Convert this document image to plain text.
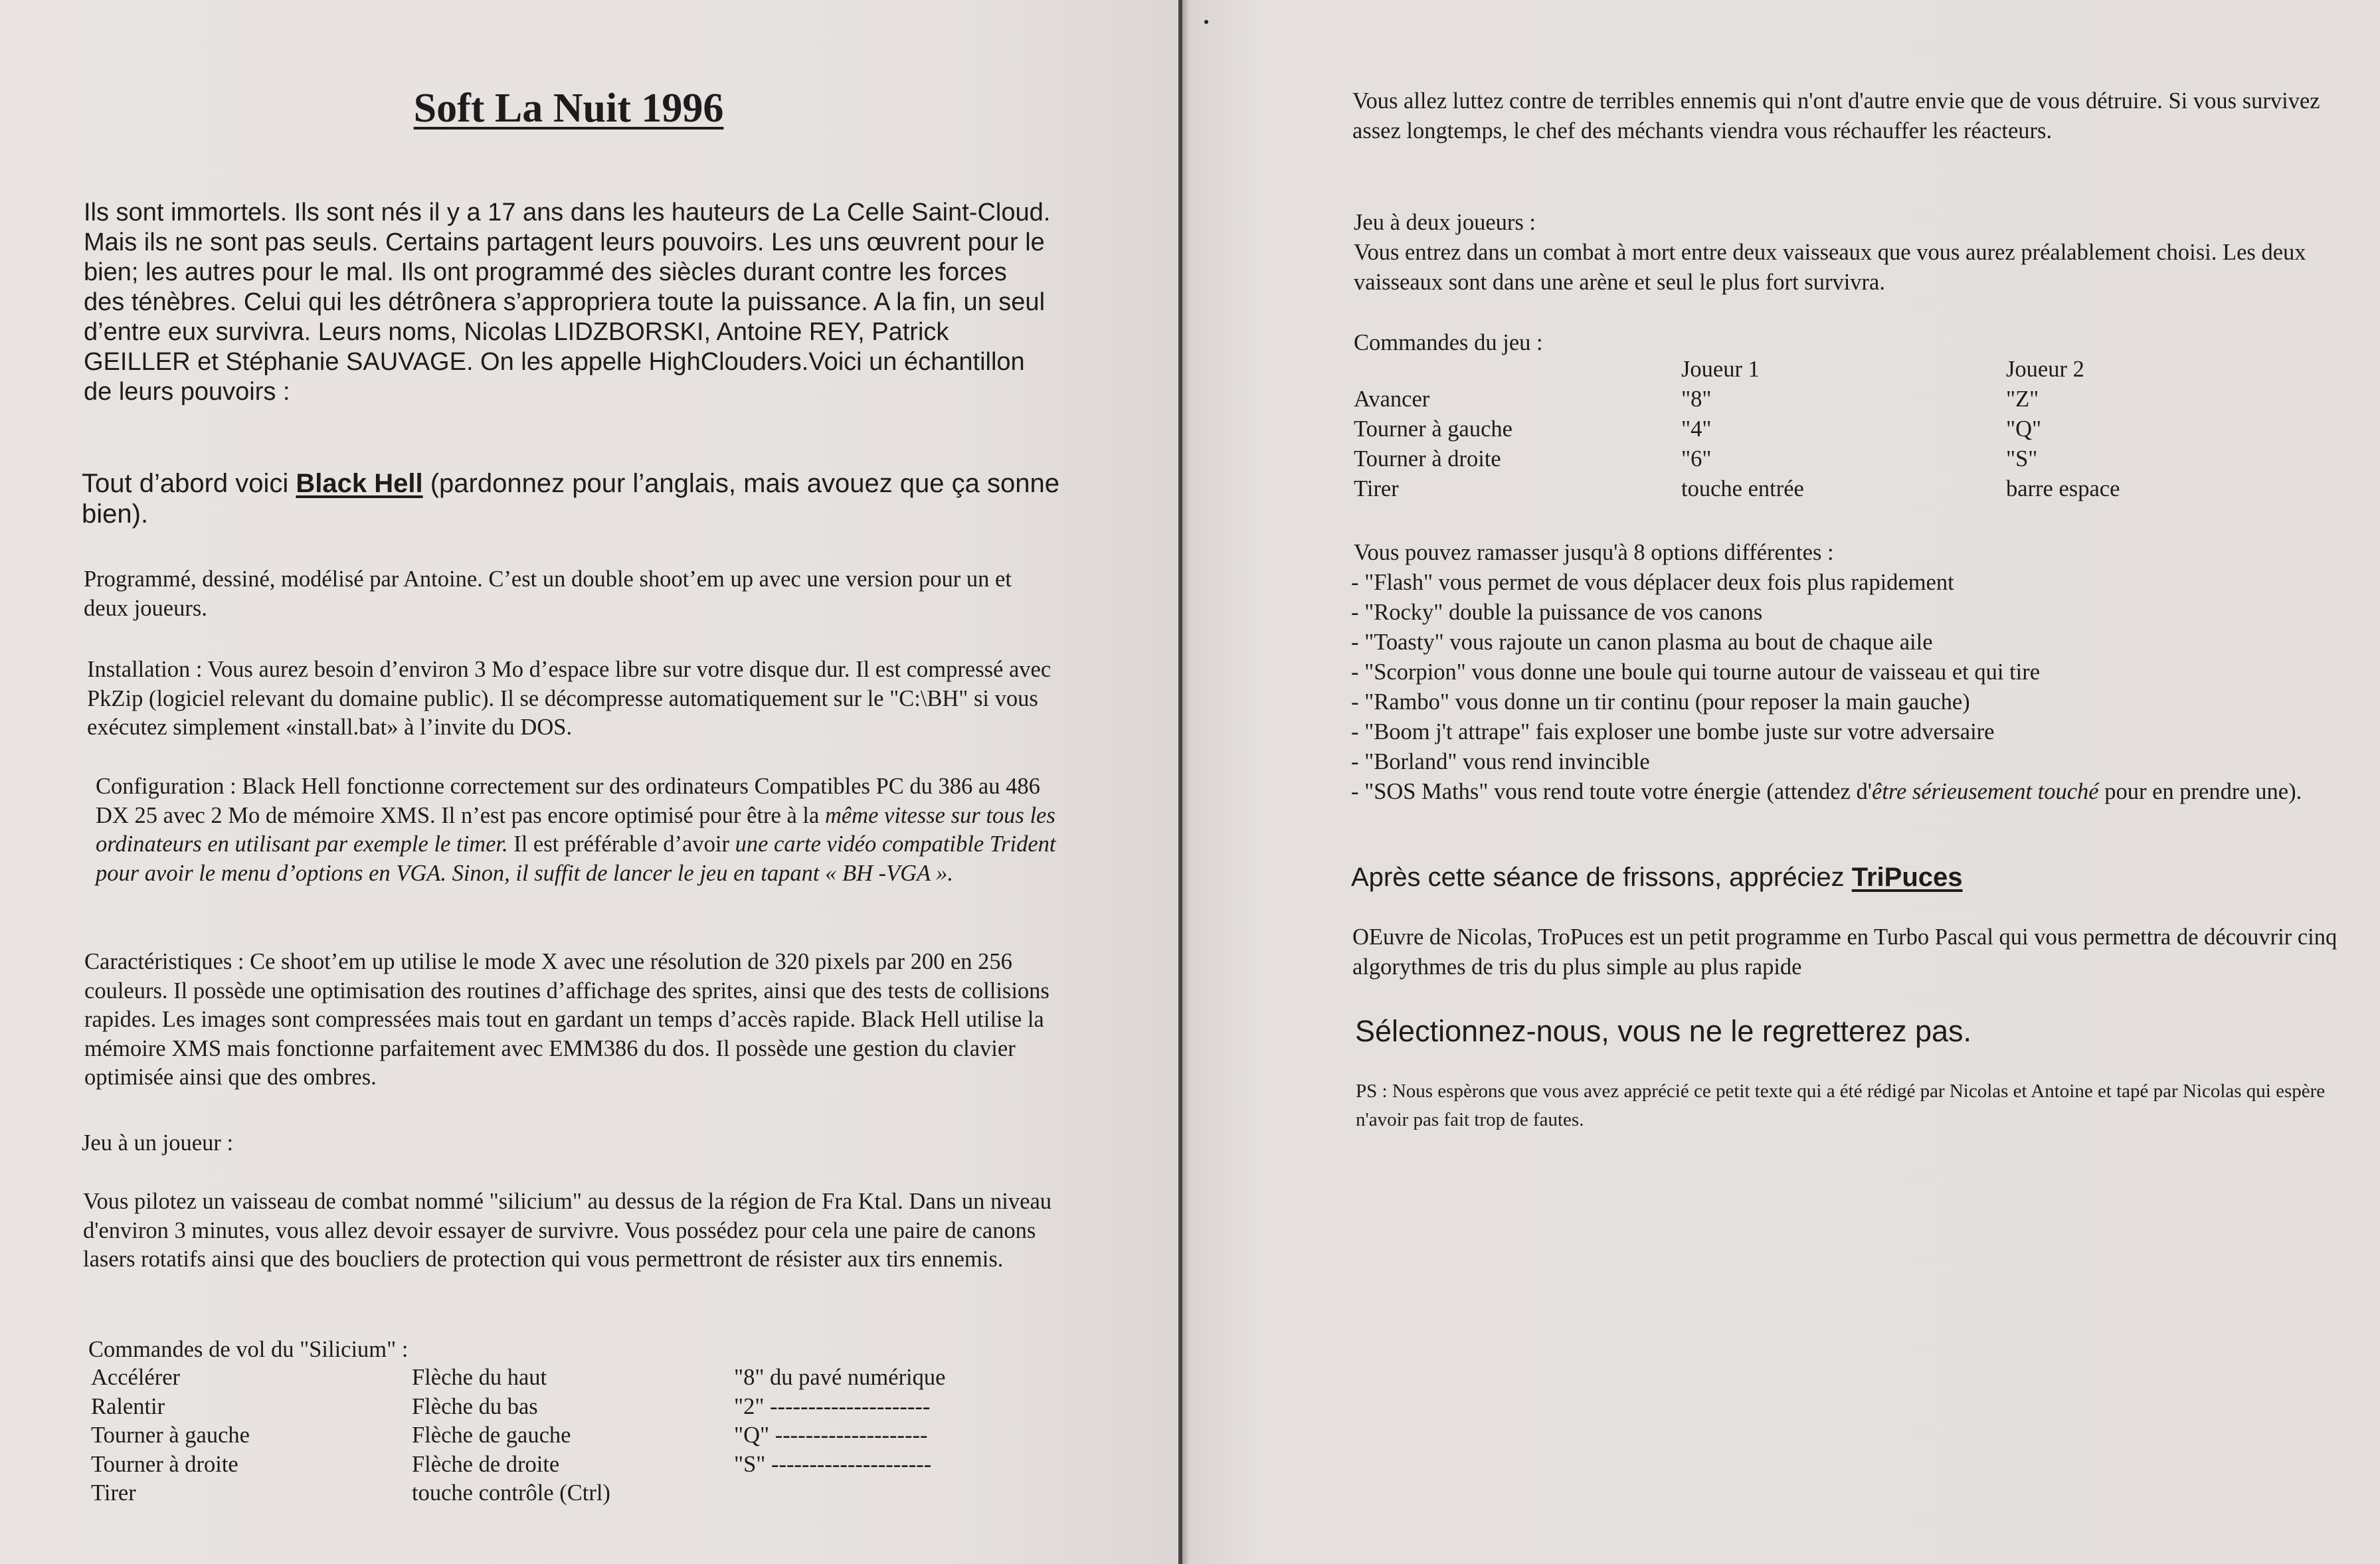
Soft La Nuit 1996

Ils sont immortels. Ils sont nés il y a 17 ans dans les hauteurs de La Celle Saint-Cloud. Mais ils ne sont pas seuls. Certains partagent leurs pouvoirs. Les uns œuvrent pour le bien; les autres pour le mal. Ils ont programmé des siècles durant contre les forces des ténèbres. Celui qui les détrônera s’appropriera toute la puissance. A la fin, un seul d’entre eux survivra. Leurs noms, Nicolas LIDZBORSKI, Antoine REY, Patrick GEILLER et Stéphanie SAUVAGE. On les appelle HighClouders.Voici un échantillon de leurs pouvoirs :

Tout d’abord voici Black Hell (pardonnez pour l’anglais, mais avouez que ça sonne bien).

Programmé, dessiné, modélisé par Antoine. C’est un double shoot’em up avec une version pour un et deux joueurs.

Installation : Vous aurez besoin d’environ 3 Mo d’espace libre sur votre disque dur. Il est compressé avec PkZip (logiciel relevant du domaine public). Il se décompresse automatiquement sur le "C:\BH" si vous exécutez simplement «install.bat» à l’invite du DOS.

Configuration : Black Hell fonctionne correctement sur des ordinateurs Compatibles PC du 386 au 486 DX 25 avec 2 Mo de mémoire XMS. Il n’est pas encore optimisé pour être à la même vitesse sur tous les ordinateurs en utilisant par exemple le timer. Il est préférable d’avoir une carte vidéo compatible Trident pour avoir le menu d’options en VGA. Sinon, il suffit de lancer le jeu en tapant « BH -VGA ».

Caractéristiques : Ce shoot’em up utilise le mode X avec une résolution de 320 pixels par 200 en 256 couleurs. Il possède une optimisation des routines d’affichage des sprites, ainsi que des tests de collisions rapides. Les images sont compressées mais tout en gardant un temps d’accès rapide. Black Hell utilise la mémoire XMS mais fonctionne parfaitement avec EMM386 du dos. Il possède une gestion du clavier optimisée ainsi que des ombres.

Jeu à un joueur :

Vous pilotez un vaisseau de combat nommé "silicium" au dessus de la région de Fra Ktal. Dans un niveau d'environ 3 minutes, vous allez devoir essayer de survivre. Vous possédez pour cela une paire de canons lasers rotatifs ainsi que des boucliers de protection qui vous permettront de résister aux tirs ennemis.

Commandes de vol du "Silicium" :

Accélérer	Flèche du haut	"8" du pavé numérique
Ralentir	Flèche du bas	"2" ---------------------
Tourner à gauche	Flèche de gauche	"Q" --------------------
Tourner à droite	Flèche de droite	"S" ---------------------
Tirer	touche contrôle (Ctrl)	

Vous allez luttez contre de terribles ennemis qui n'ont d'autre envie que de vous détruire. Si vous survivez assez longtemps, le chef des méchants viendra vous réchauffer les réacteurs.

Jeu à deux joueurs :

Vous entrez dans un combat à mort entre deux vaisseaux que vous aurez préalablement choisi. Les deux vaisseaux sont dans une arène et seul le plus fort survivra.

Commandes du jeu :

	Joueur 1	Joueur 2
Avancer	"8"	"Z"
Tourner à gauche	"4"	"Q"
Tourner à droite	"6"	"S"
Tirer	touche entrée	barre espace

Vous pouvez ramasser jusqu'à 8 options différentes :

- "Flash" vous permet de vous déplacer deux fois plus rapidement
- "Rocky" double la puissance de vos canons
- "Toasty" vous rajoute un canon plasma au bout de chaque aile
- "Scorpion" vous donne une boule qui tourne autour de vaisseau et qui tire
- "Rambo" vous donne un tir continu (pour reposer la main gauche)
- "Boom j't attrape" fais exploser une bombe juste sur votre adversaire
- "Borland" vous rend invincible
- "SOS Maths" vous rend toute votre énergie (attendez d'être sérieusement touché pour en prendre une).

Après cette séance de frissons, appréciez TriPuces

OEuvre de Nicolas, TroPuces est un petit programme en Turbo Pascal qui vous permettra de découvrir cinq algorythmes de tris du plus simple au plus rapide

Sélectionnez-nous, vous ne le regretterez pas.

PS : Nous espèrons que vous avez apprécié ce petit texte qui a été rédigé par Nicolas et Antoine et tapé par Nicolas qui espère n'avoir pas fait trop de fautes.
